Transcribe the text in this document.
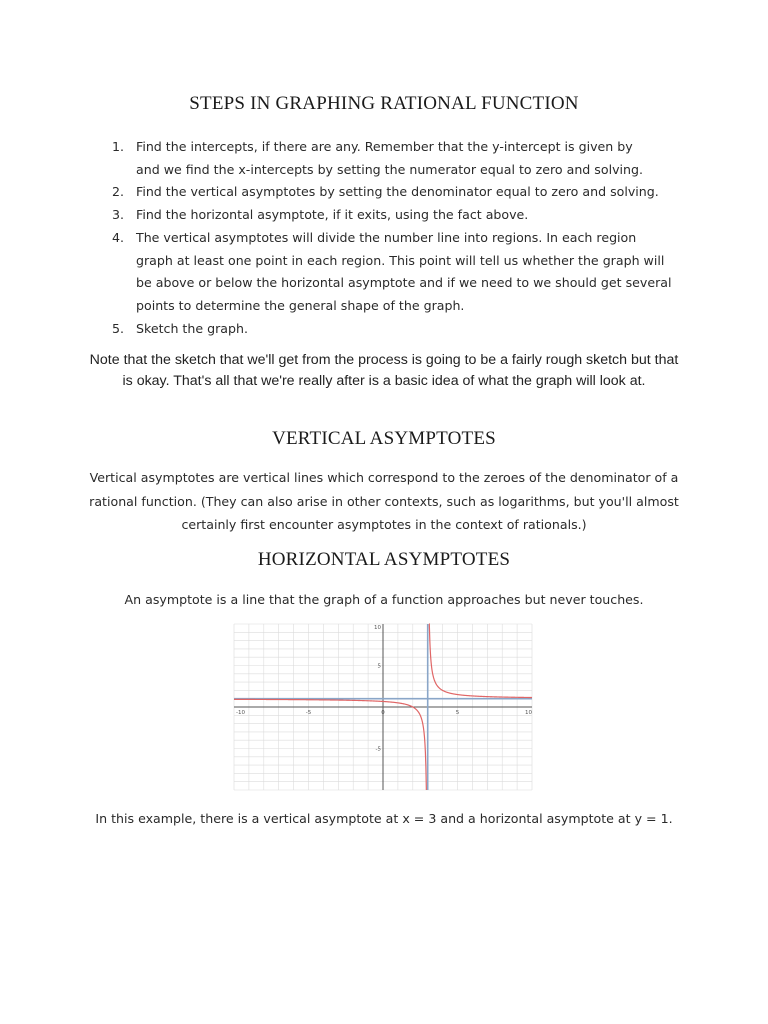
STEPS IN GRAPHING RATIONAL FUNCTION
1. Find the intercepts, if there are any. Remember that the y-intercept is given by
and we find the x-intercepts by setting the numerator equal to zero and solving.
2. Find the vertical asymptotes by setting the denominator equal to zero and solving.
3. Find the horizontal asymptote, if it exits, using the fact above.
4. The vertical asymptotes will divide the number line into regions. In each region
graph at least one point in each region. This point will tell us whether the graph will
be above or below the horizontal asymptote and if we need to we should get several
points to determine the general shape of the graph.
5. Sketch the graph.

Note that the sketch that we'll get from the process is going to be a fairly rough sketch but that is okay. That's all that we're really after is a basic idea of what the graph will look at.

VERTICAL ASYMPTOTES

Vertical asymptotes are vertical lines which correspond to the zeroes of the denominator of a rational function. (They can also arise in other contexts, such as logarithms, but you'll almost certainly first encounter asymptotes in the context of rationals.)

HORIZONTAL ASYMPTOTES

An asymptote is a line that the graph of a function approaches but never touches.

-10	-5	0	5	10
10
5
-5

In this example, there is a vertical asymptote at x = 3 and a horizontal asymptote at y = 1.
